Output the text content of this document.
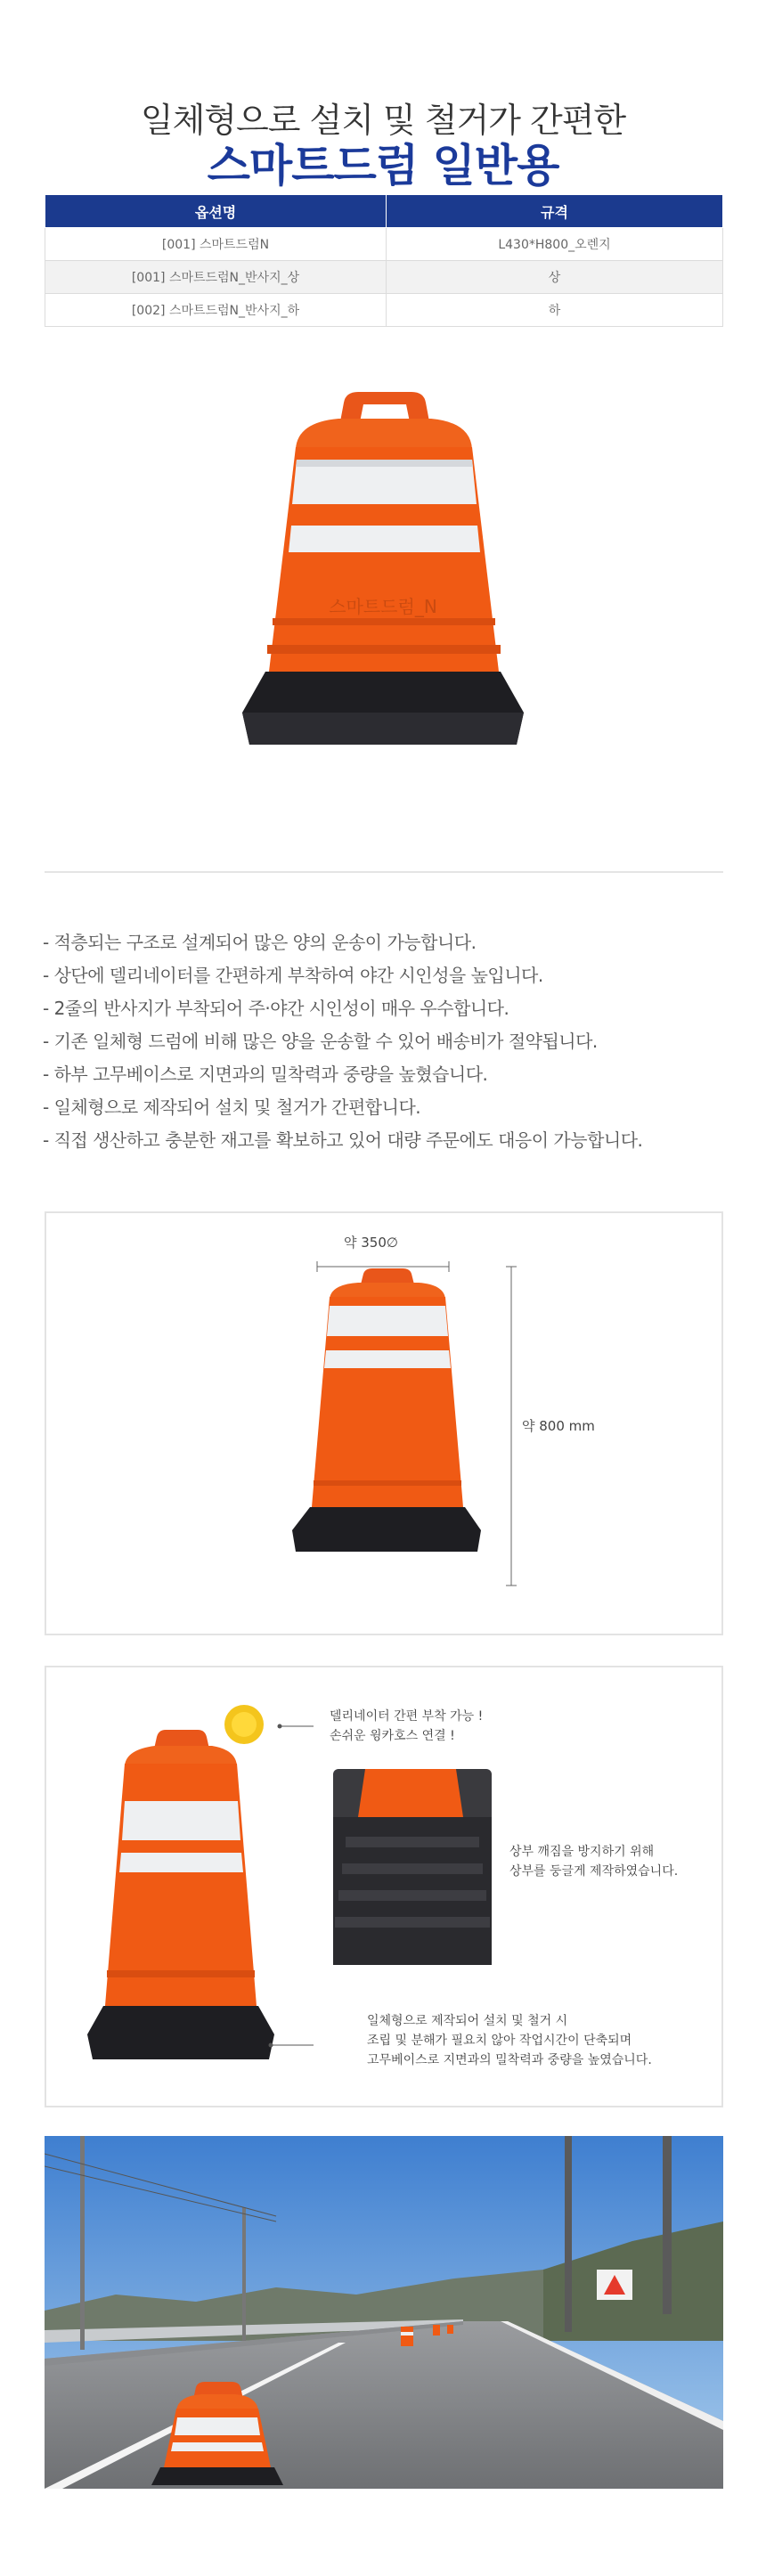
일체형으로 설치 및 철거가 간편한
스마트드럼 일반용
옵션명	규격
[001] 스마트드럼N	L430*H800_오렌지
[001] 스마트드럼N_반사지_상	상
[002] 스마트드럼N_반사지_하	하
스마트드럼_N
- 적층되는 구조로 설계되어 많은 양의 운송이 가능합니다.
- 상단에 델리네이터를 간편하게 부착하여 야간 시인성을 높입니다.
- 2줄의 반사지가 부착되어 주·야간 시인성이 매우 우수합니다.
- 기존 일체형 드럼에 비해 많은 양을 운송할 수 있어 배송비가 절약됩니다.
- 하부 고무베이스로 지면과의 밀착력과 중량을 높혔습니다.
- 일체형으로 제작되어 설치 및 철거가 간편합니다.
- 직접 생산하고 충분한 재고를 확보하고 있어 대량 주문에도 대응이 가능합니다.
약 350∅
약 800 mm
델리네이터 간편 부착 가능 !
손쉬운 윙카호스 연결 !
상부 깨짐을 방지하기 위해
상부를 둥글게 제작하였습니다.
일체형으로 제작되어 설치 및 철거 시
조립 및 분해가 필요치 않아 작업시간이 단축되며
고무베이스로 지면과의 밀착력과 중량을 높였습니다.
